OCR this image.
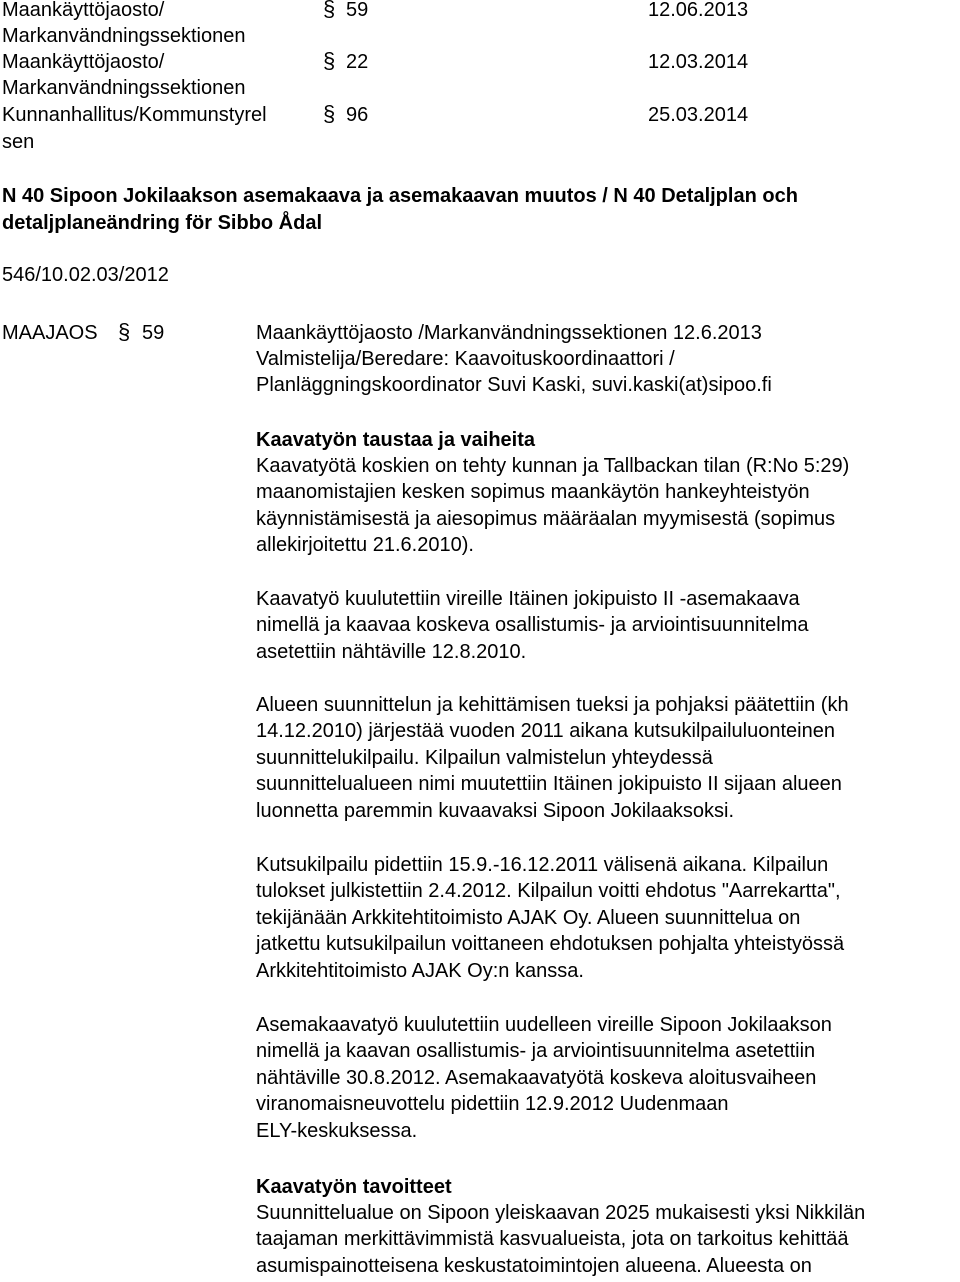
Maankäyttöjaosto/
Markanvändningssektionen
§ 59	12.06.2013
Maankäyttöjaosto/
Markanvändningssektionen
§ 22	12.03.2014
Kunnanhallitus/Kommunstyrel
sen
§ 96	25.03.2014
N 40 Sipoon Jokilaakson asemakaava ja asemakaavan muutos / N 40 Detaljplan och
detaljplaneändring för Sibbo Ådal
546/10.02.03/2012
MAAJAOS § 59	Maankäyttöjaosto /Markanvändningssektionen 12.6.2013
Valmistelija/Beredare: Kaavoituskoordinaattori /
Planläggningskoordinator Suvi Kaski, suvi.kaski(at)sipoo.fi
Kaavatyön taustaa ja vaiheita
Kaavatyötä koskien on tehty kunnan ja Tallbackan tilan (R:No 5:29)
maanomistajien kesken sopimus maankäytön hankeyhteistyön
käynnistämisestä ja aiesopimus määräalan myymisestä (sopimus
allekirjoitettu 21.6.2010).
Kaavatyö kuulutettiin vireille Itäinen jokipuisto II -asemakaava
nimellä ja kaavaa koskeva osallistumis- ja arviointisuunnitelma
asetettiin nähtäville 12.8.2010.
Alueen suunnittelun ja kehittämisen tueksi ja pohjaksi päätettiin (kh
14.12.2010) järjestää vuoden 2011 aikana kutsukilpailuluonteinen
suunnittelukilpailu. Kilpailun valmistelun yhteydessä
suunnittelualueen nimi muutettiin Itäinen jokipuisto II sijaan alueen
luonnetta paremmin kuvaavaksi Sipoon Jokilaaksoksi.
Kutsukilpailu pidettiin 15.9.-16.12.2011 välisenä aikana. Kilpailun
tulokset julkistettiin 2.4.2012. Kilpailun voitti ehdotus "Aarrekartta",
tekijänään Arkkitehtitoimisto AJAK Oy. Alueen suunnittelua on
jatkettu kutsukilpailun voittaneen ehdotuksen pohjalta yhteistyössä
Arkkitehtitoimisto AJAK Oy:n kanssa.
Asemakaavatyö kuulutettiin uudelleen vireille Sipoon Jokilaakson
nimellä ja kaavan osallistumis- ja arviointisuunnitelma asetettiin
nähtäville 30.8.2012. Asemakaavatyötä koskeva aloitusvaiheen
viranomaisneuvottelu pidettiin 12.9.2012 Uudenmaan
ELY-keskuksessa.
Kaavatyön tavoitteet
Suunnittelualue on Sipoon yleiskaavan 2025 mukaisesti yksi Nikkilän
taajaman merkittävimmistä kasvualueista, jota on tarkoitus kehittää
asumispainotteisena keskustatoimintojen alueena. Alueesta on
